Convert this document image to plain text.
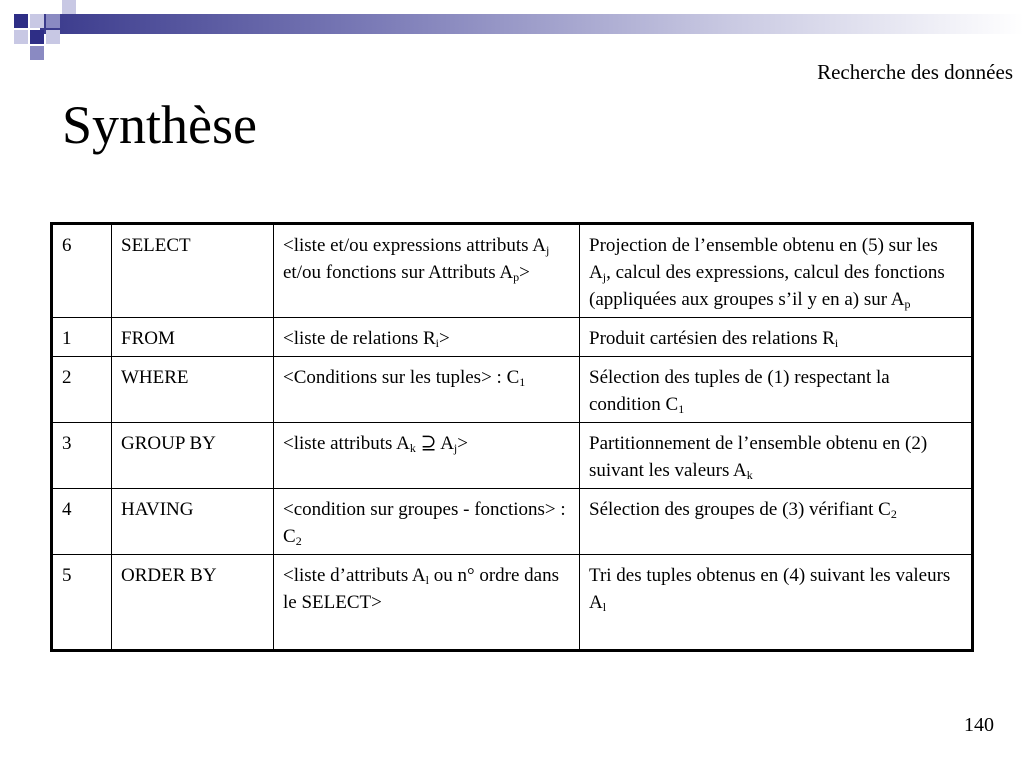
Recherche des données
Synthèse
6	SELECT	<liste et/ou expressions attributs $A_j$ et/ou fonctions sur Attributs $A_p>$	Projection de l’ensemble obtenu en (5) sur les $A_j$, calcul des expressions, calcul des fonctions (appliquées aux groupes s’il y en a) sur $A_p$
1	FROM	<liste de relations $R_i>$	Produit cartésien des relations $R_i$
2	WHERE	<Conditions sur les tuples> : $C_1$	Sélection des tuples de (1) respectant la condition $C_1$
3	GROUP BY	<liste attributs $A_k$ ⊇ $A_j>$	Partitionnement de l’ensemble obtenu en (2) suivant les valeurs $A_k$
4	HAVING	<condition sur groupes - fonctions> : $C_2$	Sélection des groupes de (3) vérifiant $C_2$
5	ORDER BY	<liste d’attributs $A_l$ ou n° ordre dans le SELECT>	Tri des tuples obtenus en (4) suivant les valeurs $A_l$
140
